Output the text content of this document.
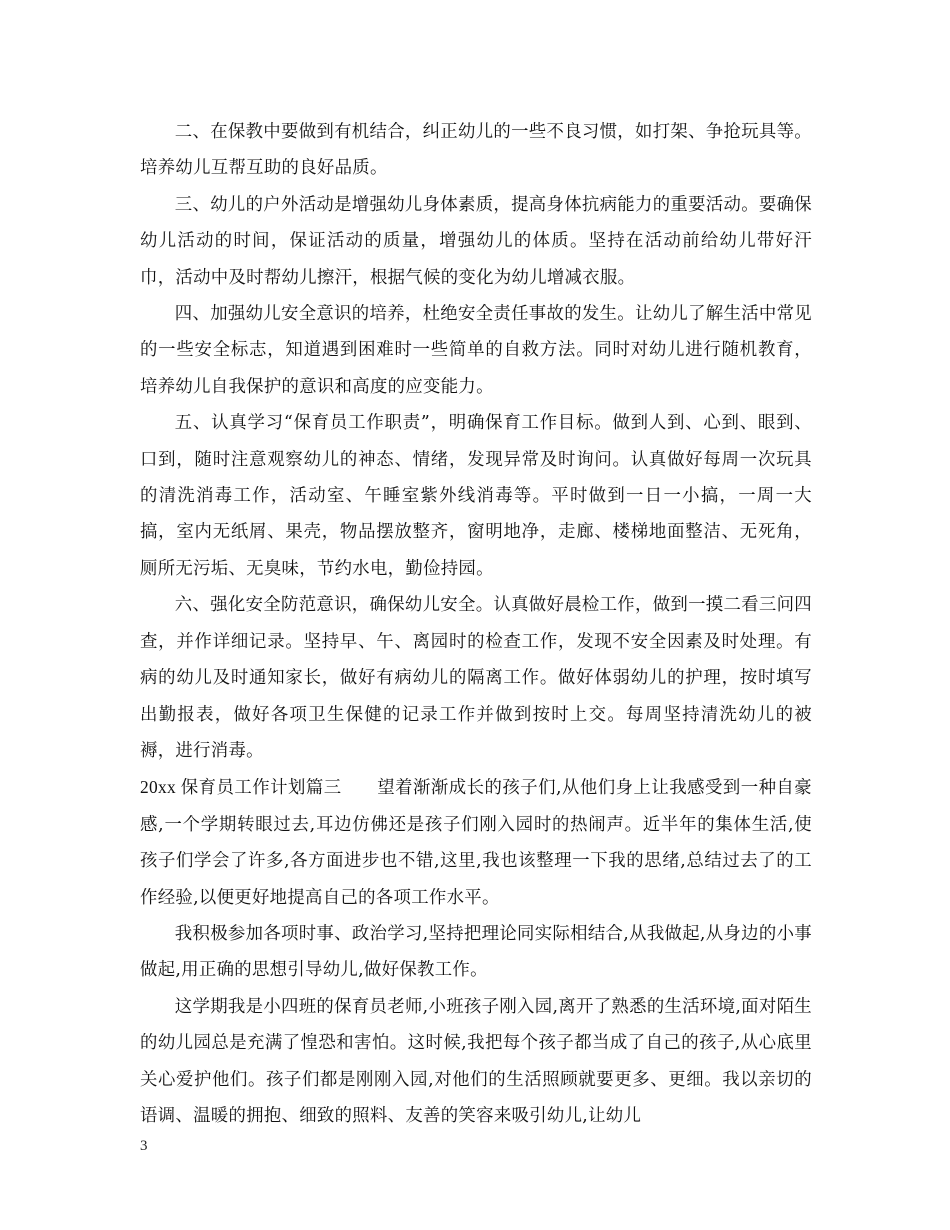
二、在保教中要做到有机结合，纠正幼儿的一些不良习惯，如打架、争抢玩具等。培养幼儿互帮互助的良好品质。

三、幼儿的户外活动是增强幼儿身体素质，提高身体抗病能力的重要活动。要确保幼儿活动的时间，保证活动的质量，增强幼儿的体质。坚持在活动前给幼儿带好汗巾，活动中及时帮幼儿擦汗，根据气候的变化为幼儿增减衣服。

四、加强幼儿安全意识的培养，杜绝安全责任事故的发生。让幼儿了解生活中常见的一些安全标志，知道遇到困难时一些简单的自救方法。同时对幼儿进行随机教育，培养幼儿自我保护的意识和高度的应变能力。

五、认真学习“保育员工作职责”，明确保育工作目标。做到人到、心到、眼到、口到，随时注意观察幼儿的神态、情绪，发现异常及时询问。认真做好每周一次玩具的清洗消毒工作，活动室、午睡室紫外线消毒等。平时做到一日一小搞，一周一大搞，室内无纸屑、果壳，物品摆放整齐，窗明地净，走廊、楼梯地面整洁、无死角，厕所无污垢、无臭味，节约水电，勤俭持园。

六、强化安全防范意识，确保幼儿安全。认真做好晨检工作，做到一摸二看三问四查，并作详细记录。坚持早、午、离园时的检查工作，发现不安全因素及时处理。有病的幼儿及时通知家长，做好有病幼儿的隔离工作。做好体弱幼儿的护理，按时填写出勤报表，做好各项卫生保健的记录工作并做到按时上交。每周坚持清洗幼儿的被褥，进行消毒。

20xx 保育员工作计划篇三   望着渐渐成长的孩子们,从他们身上让我感受到一种自豪感,一个学期转眼过去,耳边仿佛还是孩子们刚入园时的热闹声。近半年的集体生活,使孩子们学会了许多,各方面进步也不错,这里,我也该整理一下我的思绪,总结过去了的工作经验,以便更好地提高自己的各项工作水平。

我积极参加各项时事、政治学习,坚持把理论同实际相结合,从我做起,从身边的小事做起,用正确的思想引导幼儿,做好保教工作。

这学期我是小四班的保育员老师,小班孩子刚入园,离开了熟悉的生活环境,面对陌生的幼儿园总是充满了惶恐和害怕。这时候,我把每个孩子都当成了自己的孩子,从心底里关心爱护他们。孩子们都是刚刚入园,对他们的生活照顾就要更多、更细。我以亲切的语调、温暖的拥抱、细致的照料、友善的笑容来吸引幼儿,让幼儿

3
